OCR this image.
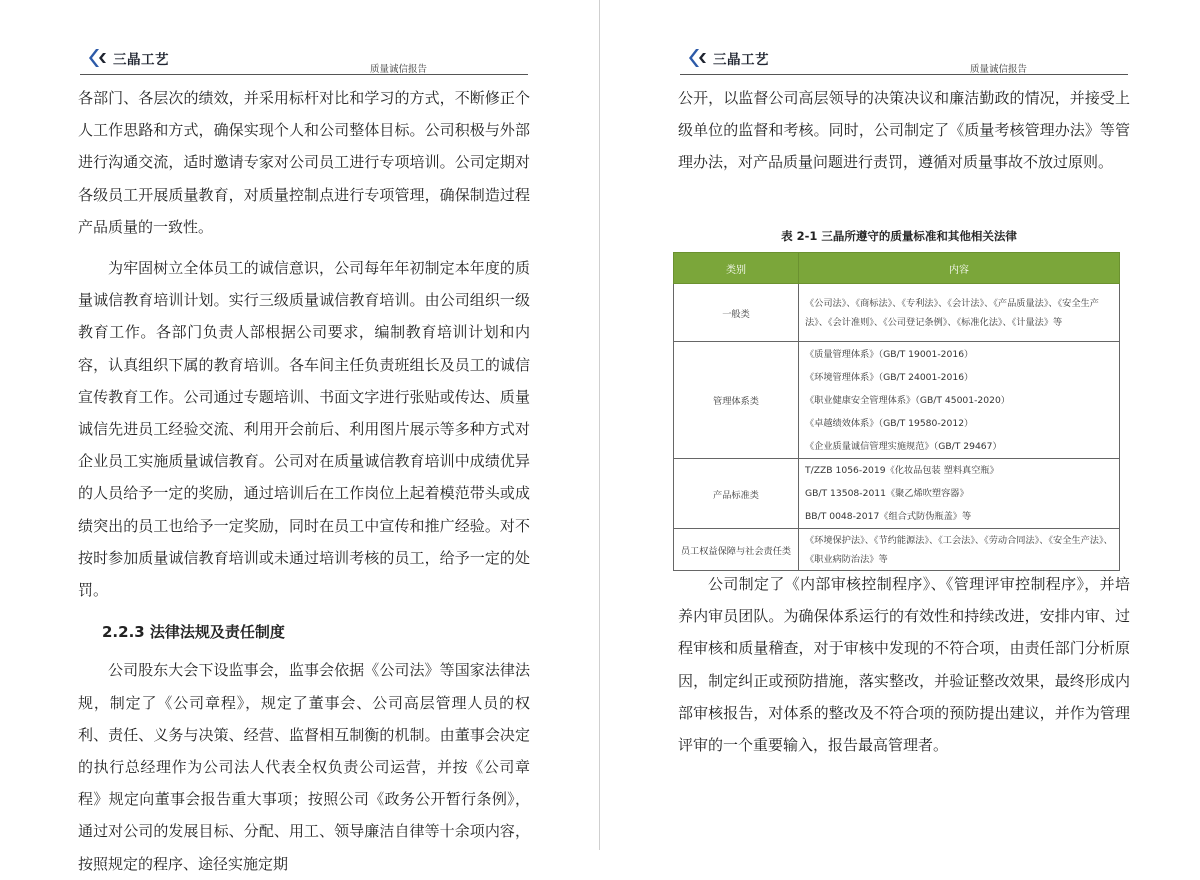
三晶工艺
质量诚信报告

各部门、各层次的绩效，并采用标杆对比和学习的方式，不断修正个人工作思路和方式，确保实现个人和公司整体目标。公司积极与外部进行沟通交流，适时邀请专家对公司员工进行专项培训。公司定期对各级员工开展质量教育，对质量控制点进行专项管理，确保制造过程产品质量的一致性。

为牢固树立全体员工的诚信意识，公司每年年初制定本年度的质量诚信教育培训计划。实行三级质量诚信教育培训。由公司组织一级教育工作。各部门负责人部根据公司要求，编制教育培训计划和内容，认真组织下属的教育培训。各车间主任负责班组长及员工的诚信宣传教育工作。公司通过专题培训、书面文字进行张贴或传达、质量诚信先进员工经验交流、利用开会前后、利用图片展示等多种方式对企业员工实施质量诚信教育。公司对在质量诚信教育培训中成绩优异的人员给予一定的奖励，通过培训后在工作岗位上起着模范带头或成绩突出的员工也给予一定奖励，同时在员工中宣传和推广经验。对不按时参加质量诚信教育培训或未通过培训考核的员工，给予一定的处罚。

2.2.3 法律法规及责任制度

公司股东大会下设监事会，监事会依据《公司法》等国家法律法规，制定了《公司章程》，规定了董事会、公司高层管理人员的权利、责任、义务与决策、经营、监督相互制衡的机制。由董事会决定的执行总经理作为公司法人代表全权负责公司运营，并按《公司章程》规定向董事会报告重大事项；按照公司《政务公开暂行条例》，通过对公司的发展目标、分配、用工、领导廉洁自律等十余项内容，按照规定的程序、途径实施定期

三晶工艺
质量诚信报告

公开，以监督公司高层领导的决策决议和廉洁勤政的情况，并接受上级单位的监督和考核。同时，公司制定了《质量考核管理办法》等管理办法，对产品质量问题进行责罚，遵循对质量事故不放过原则。

表 2-1 三晶所遵守的质量标准和其他相关法律
类别	内容
一般类	《公司法》、《商标法》、《专利法》、《会计法》、《产品质量法》、《安全生产法》、《会计准则》、《公司登记条例》、《标准化法》、《计量法》等

管理体系类	《质量管理体系》（GB/T 19001-2016）
《环境管理体系》（GB/T 24001-2016）
《职业健康安全管理体系》（GB/T 45001-2020）
《卓越绩效体系》（GB/T 19580-2012）
《企业质量诚信管理实施规范》（GB/T 29467）

产品标准类	T/ZZB 1056-2019《化妆品包装 塑料真空瓶》
GB/T 13508-2011《聚乙烯吹塑容器》
BB/T 0048-2017《组合式防伪瓶盖》等

员工权益保障与社会责任类	《环境保护法》、《节约能源法》、《工会法》、《劳动合同法》、《安全生产法》、《职业病防治法》等

公司制定了《内部审核控制程序》、《管理评审控制程序》，并培养内审员团队。为确保体系运行的有效性和持续改进，安排内审、过程审核和质量稽查，对于审核中发现的不符合项，由责任部门分析原因，制定纠正或预防措施，落实整改，并验证整改效果，最终形成内部审核报告，对体系的整改及不符合项的预防提出建议，并作为管理评审的一个重要输入，报告最高管理者。
